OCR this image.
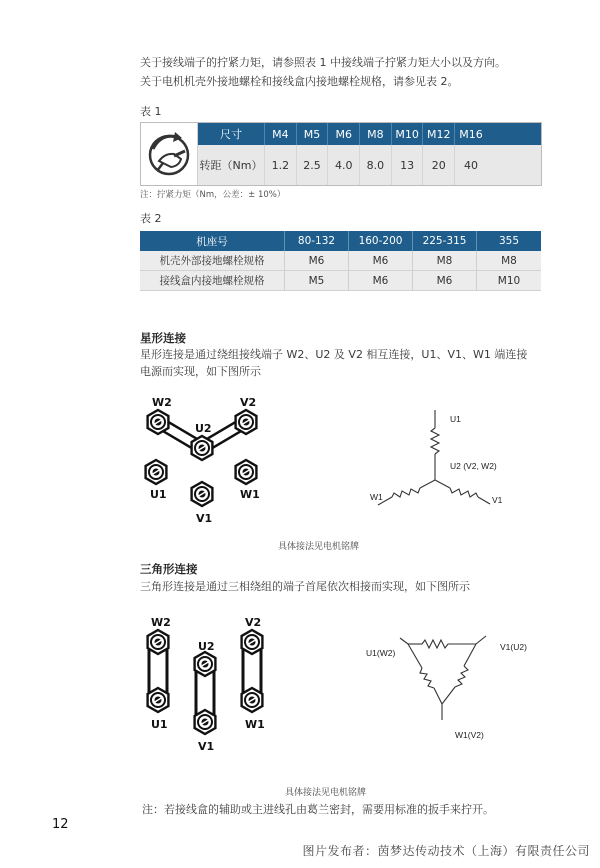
关于接线端子的拧紧力矩，请参照表 1 中接线端子拧紧力矩大小以及方向。
关于电机机壳外接地螺栓和接线盒内接地螺栓规格，请参见表 2。
表 1
尺寸	M4	M5	M6	M8	M10 M12 M16
转距（Nm） 1.2	2.5	4.0	8.0	13	20	40
注：拧紧力矩（Nm，公差：± 10%）
表 2
机座号	80-132	160-200	225-315	355
机壳外部接地螺栓规格	M6	M6	M8	M8
接线盒内接地螺栓规格	M5	M6	M6	M10
星形连接
星形连接是通过绕组接线端子 W2、U2 及 V2 相互连接，U1、V1、W1 端连接
电源而实现，如下图所示
W2	V2
U2
U1	W1
V1
U1
U2 (V2, W2)
W1	V1
具体接法见电机铭牌
三角形连接
三角形连接是通过三相绕组的端子首尾依次相接而实现，如下图所示
W2
U2
V2
U1
V1
W1
U1(W2)
V1(U2)
W1(V2)
具体接法见电机铭牌
注：若接线盒的辅助或主进线孔由葛兰密封，需要用标准的扳手来拧开。
12
图片发布者：茵梦达传动技术（上海）有限责任公司
